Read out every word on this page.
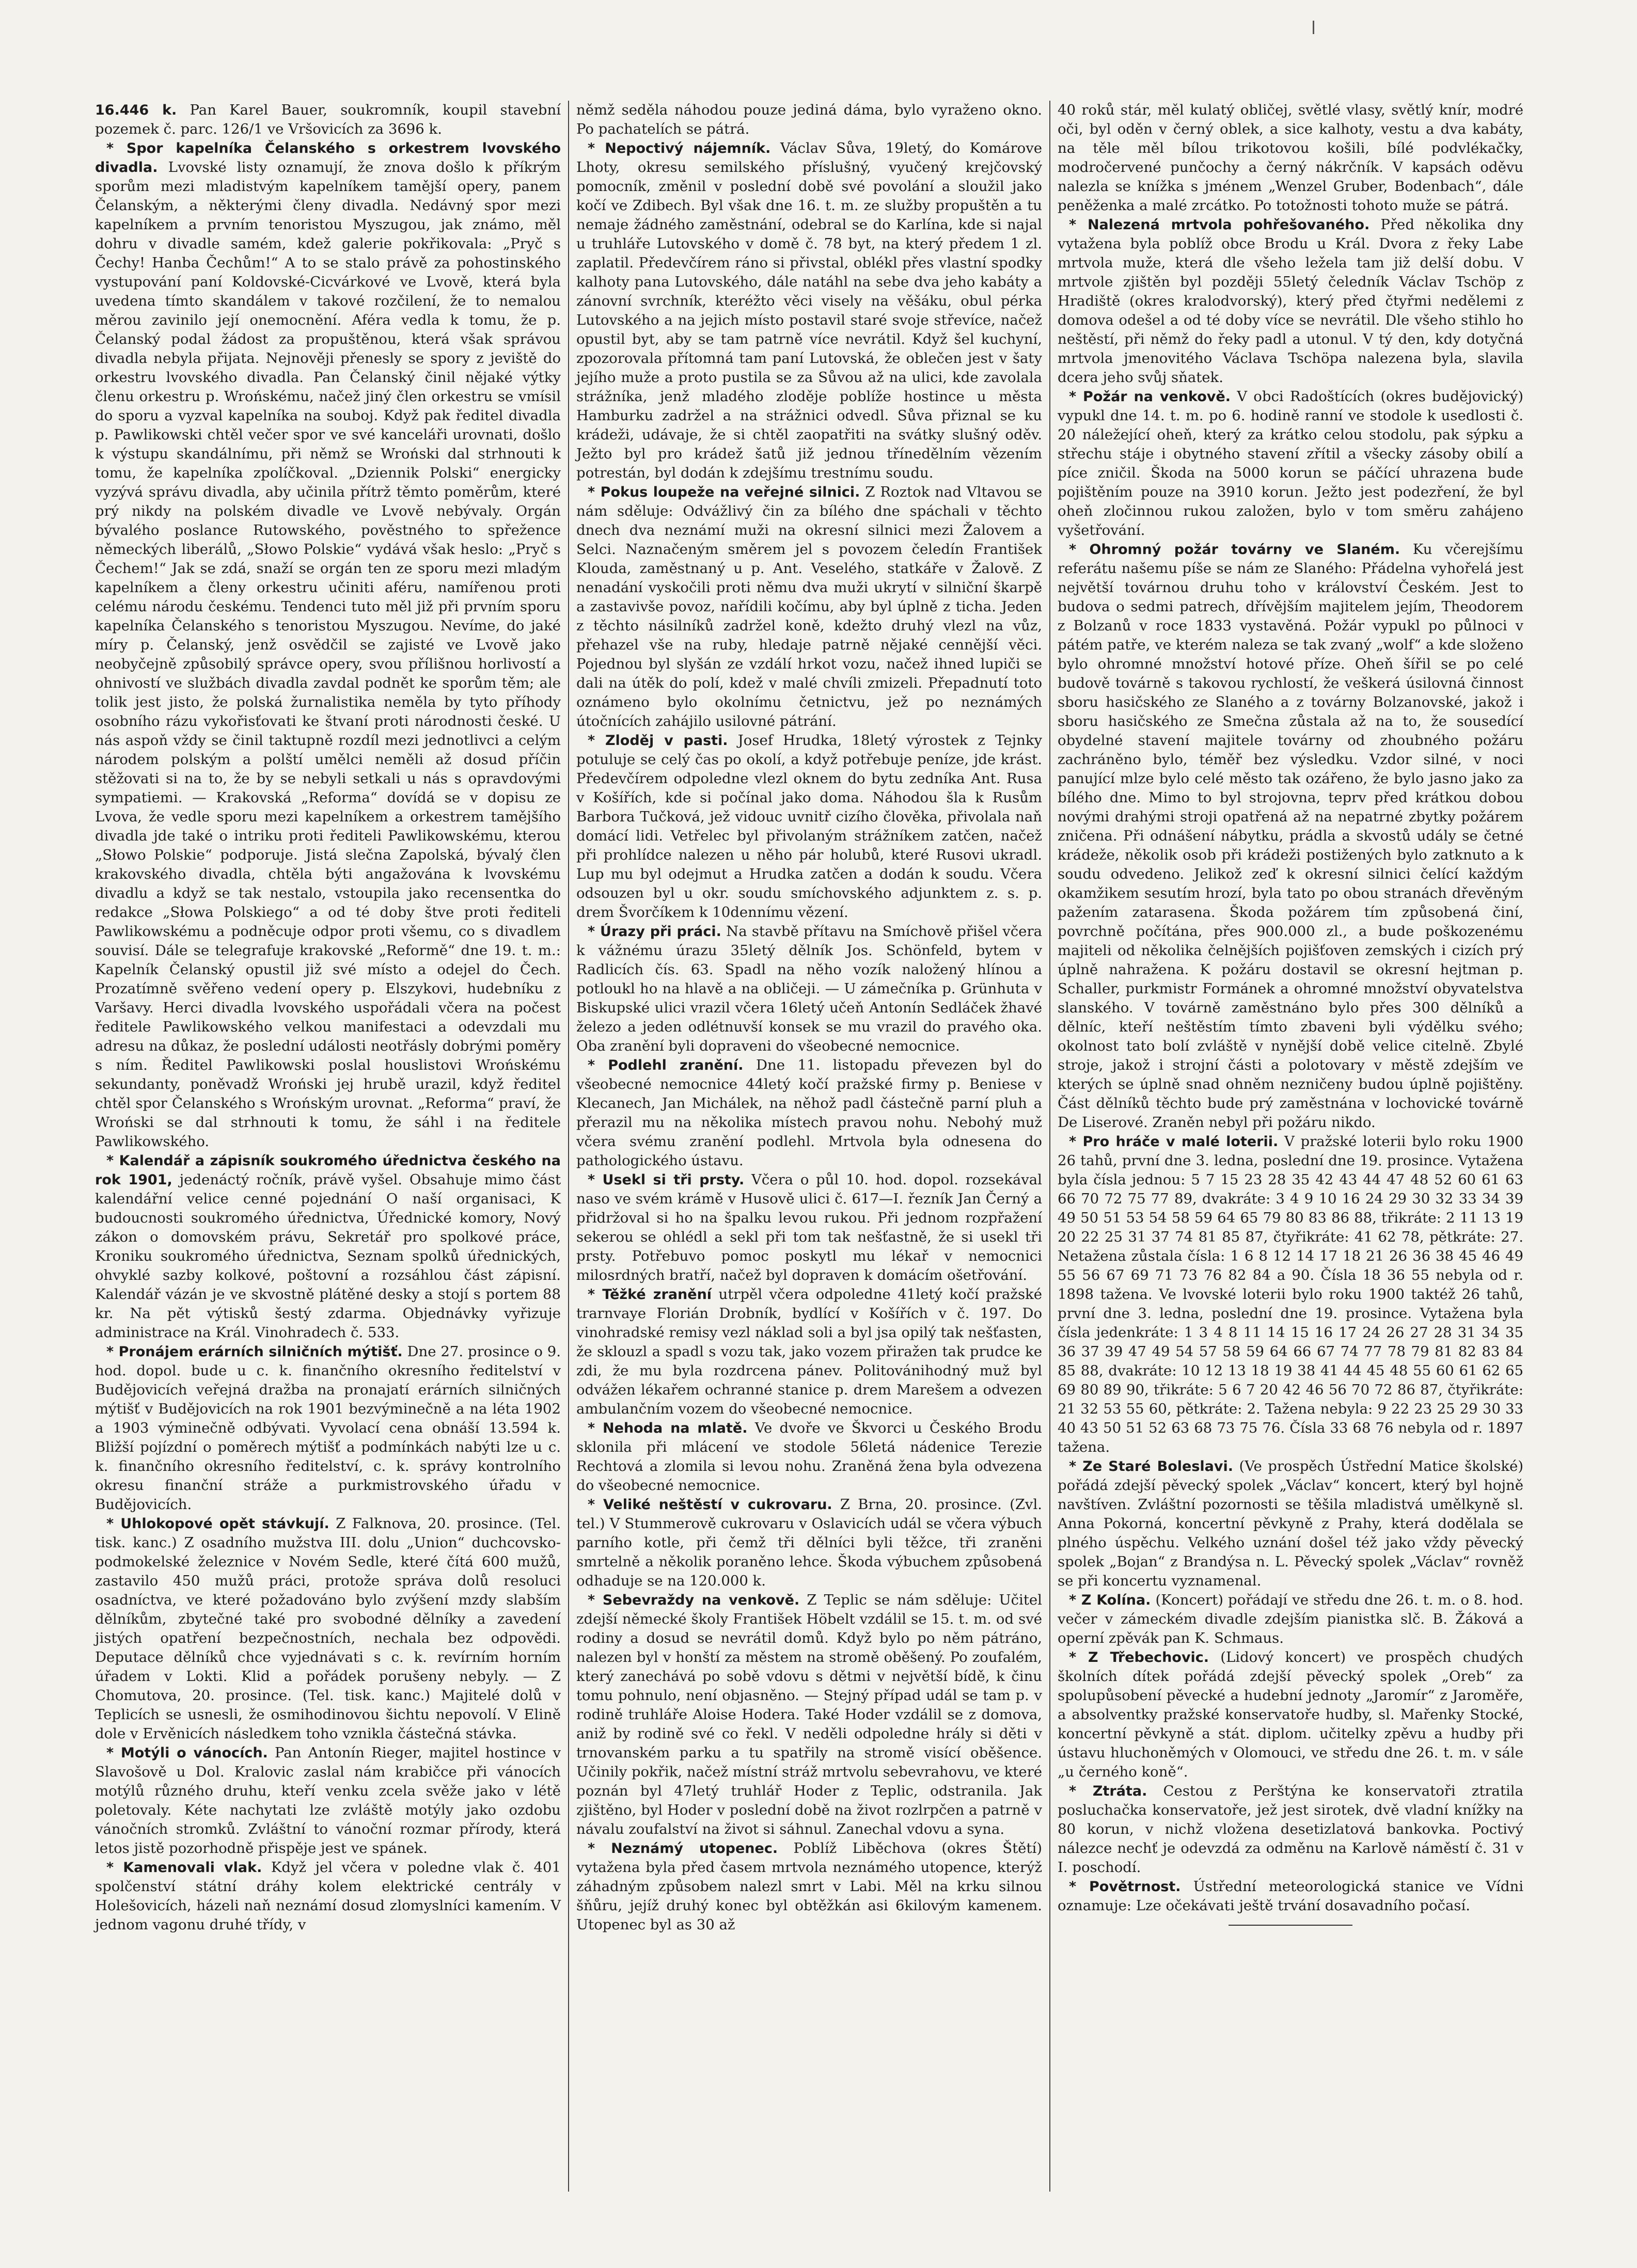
16.446 k. Pan Karel Bauer, soukromník, koupil stavební pozemek č. parc. 126/1 ve Vršovicích za 3696 k.

* Spor kapelníka Čelanského s orkestrem lvovského divadla. Lvovské listy oznamují, že znova došlo k příkrým sporům mezi mladistvým kapelníkem tamější opery, panem Čelanským, a některými členy divadla. Nedávný spor mezi kapelníkem a prvním tenoristou Myszugou, jak známo, měl dohru v divadle samém, kdež galerie pokřikovala: „Pryč s Čechy! Hanba Čechům!“ A to se stalo právě za pohostinského vystupování paní Koldovské-Cicvárkové ve Lvově, která byla uvedena tímto skandálem v takové rozčilení, že to nemalou měrou zavinilo její onemocnění. Aféra vedla k tomu, že p. Čelanský podal žádost za propuštěnou, která však správou divadla nebyla přijata. Nejnověji přenesly se spory z jeviště do orkestru lvovského divadla. Pan Čelanský činil nějaké výtky členu orkestru p. Wrońskému, načež jiný člen orkestru se vmísil do sporu a vyzval kapelníka na souboj. Když pak ředitel divadla p. Pawlikowski chtěl večer spor ve své kanceláři urovnati, došlo k výstupu skandálnímu, při němž se Wroński dal strhnouti k tomu, že kapelníka zpolíčkoval. „Dziennik Polski“ energicky vyzývá správu divadla, aby učinila přítrž těmto poměrům, které prý nikdy na polském divadle ve Lvově nebývaly. Orgán bývalého poslance Rutowského, pověstného to spřežence německých liberálů, „Słowo Polskie“ vydává však heslo: „Pryč s Čechem!“ Jak se zdá, snaží se orgán ten ze sporu mezi mladým kapelníkem a členy orkestru učiniti aféru, namířenou proti celému národu českému. Tendenci tuto měl již při prvním sporu kapelníka Čelanského s tenoristou Myszugou. Nevíme, do jaké míry p. Čelanský, jenž osvědčil se zajisté ve Lvově jako neobyčejně způsobilý správce opery, svou přílišnou horlivostí a ohnivostí ve službách divadla zavdal podnět ke sporům těm; ale tolik jest jisto, že polská žurnalistika neměla by tyto příhody osobního rázu vykořisťovati ke štvaní proti národnosti české. U nás aspoň vždy se činil taktupně rozdíl mezi jednotlivci a celým národem polským a polští umělci neměli až dosud příčin stěžovati si na to, že by se nebyli setkali u nás s opravdovými sympatiemi. — Krakovská „Reforma“ dovídá se v dopisu ze Lvova, že vedle sporu mezi kapelníkem a orkestrem tamějšího divadla jde také o intriku proti řediteli Pawlikowskému, kterou „Słowo Polskie“ podporuje. Jistá slečna Zapolská, bývalý člen krakovského divadla, chtěla býti angažována k lvovskému divadlu a když se tak nestalo, vstoupila jako recensentka do redakce „Słowa Polskiego“ a od té doby štve proti řediteli Pawlikowskému a podněcuje odpor proti všemu, co s divadlem souvisí. Dále se telegrafuje krakovské „Reformě“ dne 19. t. m.: Kapelník Čelanský opustil již své místo a odejel do Čech. Prozatímně svěřeno vedení opery p. Elszykovi, hudebníku z Varšavy. Herci divadla lvovského uspořádali včera na počest ředitele Pawlikowského velkou manifestaci a odevzdali mu adresu na důkaz, že poslední události neotřásly dobrými poměry s ním. Ředitel Pawlikowski poslal houslistovi Wrońskému sekundanty, poněvadž Wroński jej hrubě urazil, když ředitel chtěl spor Čelanského s Wrońským urovnat. „Reforma“ praví, že Wroński se dal strhnouti k tomu, že sáhl i na ředitele Pawlikowského.

* Kalendář a zápisník soukromého úřednictva českého na rok 1901, jedenáctý ročník, právě vyšel. Obsahuje mimo část kalendářní velice cenné pojednání O naší organisaci, K budoucnosti soukromého úřednictva, Úřednické komory, Nový zákon o domovském právu, Sekretář pro spolkové práce, Kroniku soukromého úřednictva, Seznam spolků úřednických, ohvyklé sazby kolkové, poštovní a rozsáhlou část zápisní. Kalendář vázán je ve skvostně plátěné desky a stojí s portem 88 kr. Na pět výtisků šestý zdarma. Objednávky vyřizuje administrace na Král. Vinohradech č. 533.

* Pronájem erárních silničních mýtišť. Dne 27. prosince o 9. hod. dopol. bude u c. k. finančního okresního ředitelství v Budějovicích veřejná dražba na pronajatí erárních silničných mýtišť v Budějovicích na rok 1901 bezvýminečně a na léta 1902 a 1903 výminečně odbývati. Vyvolací cena obnáší 13.594 k. Bližší pojízdní o poměrech mýtišť a podmínkách nabýti lze u c. k. finančního okresního ředitelství, c. k. správy kontrolního okresu finanční stráže a purkmistrovského úřadu v Budějovicích.

* Uhlokopové opět stávkují. Z Falknova, 20. prosince. (Tel. tisk. kanc.) Z osadního mužstva III. dolu „Union“ duchcovsko-podmokelské železnice v Novém Sedle, které čítá 600 mužů, zastavilo 450 mužů práci, protože správa dolů resoluci osadníctva, ve které požadováno bylo zvýšení mzdy slabším dělníkům, zbytečné také pro svobodné dělníky a zavedení jistých opatření bezpečnostních, nechala bez odpovědi. Deputace dělníků chce vyjednávati s c. k. revírním horním úřadem v Lokti. Klid a pořádek porušeny nebyly. — Z Chomutova, 20. prosince. (Tel. tisk. kanc.) Majitelé dolů v Teplicích se usnesli, že osmihodinovou šichtu nepovolí. V Elině dole v Ervěnicích následkem toho vznikla částečná stávka.

* Motýli o vánocích. Pan Antonín Rieger, majitel hostince v Slavošově u Dol. Kralovic zaslal nám krabičce při vánocích motýlů různého druhu, kteří venku zcela svěže jako v létě poletovaly. Kéte nachytati lze zvláště motýly jako ozdobu vánočních stromků. Zvláštní to vánoční rozmar přírody, která letos jistě pozorhodně přispěje jest ve spánek.

* Kamenovali vlak. Když jel včera v poledne vlak č. 401 spolčenství státní dráhy kolem elektrické centrály v Holešovicích, házeli naň neznámí dosud zlomyslníci kamením. V jednom vagonu druhé třídy, v

němž seděla náhodou pouze jediná dáma, bylo vyraženo okno. Po pachatelích se pátrá.

* Nepoctivý nájemník. Václav Sůva, 19letý, do Komárove Lhoty, okresu semilského příslušný, vyučený krejčovský pomocník, změnil v poslední době své povolání a sloužil jako kočí ve Zdibech. Byl však dne 16. t. m. ze služby propuštěn a tu nemaje žádného zaměstnání, odebral se do Karlína, kde si najal u truhláře Lutovského v domě č. 78 byt, na který předem 1 zl. zaplatil. Předevčírem ráno si přivstal, oblékl přes vlastní spodky kalhoty pana Lutovského, dále natáhl na sebe dva jeho kabáty a zánovní svrchník, kteréžto věci visely na věšáku, obul pérka Lutovského a na jejich místo postavil staré svoje střevíce, načež opustil byt, aby se tam patrně více nevrátil. Když šel kuchyní, zpozorovala přítomná tam paní Lutovská, že oblečen jest v šaty jejího muže a proto pustila se za Sůvou až na ulici, kde zavolala strážníka, jenž mladého zloděje poblíže hostince u města Hamburku zadržel a na strážnici odvedl. Sůva přiznal se ku krádeži, udávaje, že si chtěl zaopatřiti na svátky slušný oděv. Ježto byl pro krádež šatů již jednou třínedělním vězením potrestán, byl dodán k zdejšímu trestnímu soudu.

* Pokus loupeže na veřejné silnici. Z Roztok nad Vltavou se nám sděluje: Odvážlivý čin za bílého dne spáchali v těchto dnech dva neznámí muži na okresní silnici mezi Žalovem a Selci. Naznačeným směrem jel s povozem čeledín František Klouda, zaměstnaný u p. Ant. Veselého, statkáře v Žalově. Z nenadání vyskočili proti němu dva muži ukrytí v silniční škarpě a zastavivše povoz, nařídili kočímu, aby byl úplně z ticha. Jeden z těchto násilníků zadržel koně, kdežto druhý vlezl na vůz, přehazel vše na ruby, hledaje patrně nějaké cennější věci. Pojednou byl slyšán ze vzdálí hrkot vozu, načež ihned lupiči se dali na útěk do polí, kdež v malé chvíli zmizeli. Přepadnutí toto oznámeno bylo okolnímu četnictvu, jež po neznámých útočnících zahájilo usilovné pátrání.

* Zloděj v pasti. Josef Hrudka, 18letý výrostek z Tejnky potuluje se celý čas po okolí, a když potřebuje peníze, jde krást. Předevčírem odpoledne vlezl oknem do bytu zedníka Ant. Rusa v Košířích, kde si počínal jako doma. Náhodou šla k Rusům Barbora Tučková, jež vidouc uvnitř cizího člověka, přivolala naň domácí lidi. Vetřelec byl přivolaným strážníkem zatčen, načež při prohlídce nalezen u něho pár holubů, které Rusovi ukradl. Lup mu byl odejmut a Hrudka zatčen a dodán k soudu. Včera odsouzen byl u okr. soudu smíchovského adjunktem z. s. p. drem Švorčíkem k 10dennímu vězení.

* Úrazy při práci. Na stavbě přítavu na Smíchově přišel včera k vážnému úrazu 35letý dělník Jos. Schönfeld, bytem v Radlicích čís. 63. Spadl na něho vozík naložený hlínou a potloukl ho na hlavě a na obličeji. — U zámečníka p. Grünhuta v Biskupské ulici vrazil včera 16letý učeň Antonín Sedláček žhavé železo a jeden odlétnuvší konsek se mu vrazil do pravého oka. Oba zranění byli dopraveni do všeobecné nemocnice.

* Podlehl zranění. Dne 11. listopadu převezen byl do všeobecné nemocnice 44letý kočí pražské firmy p. Beniese v Klecanech, Jan Michálek, na něhož padl částečně parní pluh a přerazil mu na několika místech pravou nohu. Nebohý muž včera svému zranění podlehl. Mrtvola byla odnesena do pathologického ústavu.

* Usekl si tři prsty. Včera o půl 10. hod. dopol. rozsekával naso ve svém krámě v Husově ulici č. 617—I. řezník Jan Černý a přidržoval si ho na špalku levou rukou. Při jednom rozpřažení sekerou se ohlédl a sekl při tom tak nešťastně, že si usekl tři prsty. Potřebuvo pomoc poskytl mu lékař v nemocnici milosrdných bratří, načež byl dopraven k domácím ošetřování.

* Těžké zranění utrpěl včera odpoledne 41letý kočí pražské trarnvaye Florián Drobník, bydlící v Košířích v č. 197. Do vinohradské remisy vezl náklad soli a byl jsa opilý tak nešťasten, že sklouzl a spadl s vozu tak, jako vozem přiražen tak prudce ke zdi, že mu byla rozdrcena pánev. Politovánihodný muž byl odvážen lékařem ochranné stanice p. drem Marešem a odvezen ambulančním vozem do všeobecné nemocnice.

* Nehoda na mlatě. Ve dvoře ve Škvorci u Českého Brodu sklonila při mlácení ve stodole 56letá nádenice Terezie Rechtová a zlomila si levou nohu. Zraněná žena byla odvezena do všeobecné nemocnice.

* Veliké neštěstí v cukrovaru. Z Brna, 20. prosince. (Zvl. tel.) V Stummerově cukrovaru v Oslavicích udál se včera výbuch parního kotle, při čemž tři dělníci byli těžce, tři zraněni smrtelně a několik poraněno lehce. Škoda výbuchem způsobená odhaduje se na 120.000 k.

* Sebevraždy na venkově. Z Teplic se nám sděluje: Učitel zdejší německé školy František Höbelt vzdálil se 15. t. m. od své rodiny a dosud se nevrátil domů. Když bylo po něm pátráno, nalezen byl v honští za městem na stromě oběšený. Po zoufalém, který zanechává po sobě vdovu s dětmi v největší bídě, k činu tomu pohnulo, není objasněno. — Stejný případ udál se tam p. v rodině truhláře Aloise Hodera. Také Hoder vzdálil se z domova, aniž by rodině své co řekl. V neděli odpoledne hrály si děti v trnovanském parku a tu spatřily na stromě visící oběšence. Učinily pokřik, načež místní stráž mrtvolu sebevrahovu, ve které poznán byl 47letý truhlář Hoder z Teplic, odstranila. Jak zjištěno, byl Hoder v poslední době na život rozlrpčen a patrně v návalu zoufalství na život si sáhnul. Zanechal vdovu a syna.

* Neznámý utopenec. Poblíž Liběchova (okres Štětí) vytažena byla před časem mrtvola neznámého utopence, kterýž záhadným způsobem nalezl smrt v Labi. Měl na krku silnou šňůru, jejíž druhý konec byl obtěžkán asi 6kilovým kamenem. Utopenec byl as 30 až

40 roků stár, měl kulatý obličej, světlé vlasy, světlý knír, modré oči, byl oděn v černý oblek, a sice kalhoty, vestu a dva kabáty, na těle měl bílou trikotovou košili, bílé podvlékačky, modročervené punčochy a černý nákrčník. V kapsách oděvu nalezla se knížka s jménem „Wenzel Gruber, Bodenbach“, dále peněženka a malé zrcátko. Po totožnosti tohoto muže se pátrá.

* Nalezená mrtvola pohřešovaného. Před několika dny vytažena byla poblíž obce Brodu u Král. Dvora z řeky Labe mrtvola muže, která dle všeho ležela tam již delší dobu. V mrtvole zjištěn byl později 55letý čeledník Václav Tschöp z Hradiště (okres kralodvorský), který před čtyřmi nedělemi z domova odešel a od té doby více se nevrátil. Dle všeho stihlo ho neštěstí, při němž do řeky padl a utonul. V tý den, kdy dotyčná mrtvola jmenovitého Václava Tschöpa nalezena byla, slavila dcera jeho svůj sňatek.

* Požár na venkově. V obci Radoštících (okres budějovický) vypukl dne 14. t. m. po 6. hodině ranní ve stodole k usedlosti č. 20 náležející oheň, který za krátko celou stodolu, pak sýpku a střechu stáje i obytného stavení zřítil a všecky zásoby obilí a píce zničil. Škoda na 5000 korun se páčící uhrazena bude pojištěním pouze na 3910 korun. Ježto jest podezření, že byl oheň zločinnou rukou založen, bylo v tom směru zahájeno vyšetřování.

* Ohromný požár továrny ve Slaném. Ku včerejšímu referátu našemu píše se nám ze Slaného: Přádelna vyhořelá jest největší továrnou druhu toho v království Českém. Jest to budova o sedmi patrech, dřívějším majitelem jejím, Theodorem z Bolzanů v roce 1833 vystavěná. Požár vypukl po půlnoci v pátém patře, ve kterém naleza se tak zvaný „wolf“ a kde složeno bylo ohromné množství hotové příze. Oheň šířil se po celé budově továrně s takovou rychlostí, že veškerá úsilovná činnost sboru hasičského ze Slaného a z továrny Bolzanovské, jakož i sboru hasičského ze Smečna zůstala až na to, že sousedící obydelné stavení majitele továrny od zhoubného požáru zachráněno bylo, téměř bez výsledku. Vzdor silné, v noci panující mlze bylo celé město tak ozářeno, že bylo jasno jako za bílého dne. Mimo to byl strojovna, teprv před krátkou dobou novými drahými stroji opatřená až na nepatrné zbytky požárem zničena. Při odnášení nábytku, prádla a skvostů udály se četné krádeže, několik osob při krádeži postižených bylo zatknuto a k soudu odvedeno. Jelikož zeď k okresní silnici čelící každým okamžikem sesutím hrozí, byla tato po obou stranách dřevěným pažením zatarasena. Škoda požárem tím způsobená činí, povrchně počítána, přes 900.000 zl., a bude poškozenému majiteli od několika čelnějších pojišťoven zemských i cizích prý úplně nahražena. K požáru dostavil se okresní hejtman p. Schaller, purkmistr Formánek a ohromné množství obyvatelstva slanského. V továrně zaměstnáno bylo přes 300 dělníků a dělníc, kteří neštěstím tímto zbaveni byli výdělku svého; okolnost tato bolí zvláště v nynější době velice citelně. Zbylé stroje, jakož i strojní části a polotovary v městě zdejším ve kterých se úplně snad ohněm nezničeny budou úplně pojištěny. Část dělníků těchto bude prý zaměstnána v lochovické továrně De Liserové. Zraněn nebyl při požáru nikdo.

* Pro hráče v malé loterii. V pražské loterii bylo roku 1900 26 tahů, první dne 3. ledna, poslední dne 19. prosince. Vytažena byla čísla jednou: 5 7 15 23 28 35 42 43 44 47 48 52 60 61 63 66 70 72 75 77 89, dvakráte: 3 4 9 10 16 24 29 30 32 33 34 39 49 50 51 53 54 58 59 64 65 79 80 83 86 88, třikráte: 2 11 13 19 20 22 25 31 37 74 81 85 87, čtyřikráte: 41 62 78, pětkráte: 27. Netažena zůstala čísla: 1 6 8 12 14 17 18 21 26 36 38 45 46 49 55 56 67 69 71 73 76 82 84 a 90. Čísla 18 36 55 nebyla od r. 1898 tažena. Ve lvovské loterii bylo roku 1900 taktéž 26 tahů, první dne 3. ledna, poslední dne 19. prosince. Vytažena byla čísla jedenkráte: 1 3 4 8 11 14 15 16 17 24 26 27 28 31 34 35 36 37 39 47 49 54 57 58 59 64 66 67 74 77 78 79 81 82 83 84 85 88, dvakráte: 10 12 13 18 19 38 41 44 45 48 55 60 61 62 65 69 80 89 90, třikráte: 5 6 7 20 42 46 56 70 72 86 87, čtyřikráte: 21 32 53 55 60, pětkráte: 2. Tažena nebyla: 9 22 23 25 29 30 33 40 43 50 51 52 63 68 73 75 76. Čísla 33 68 76 nebyla od r. 1897 tažena.

* Ze Staré Boleslavi. (Ve prospěch Ústřední Matice školské) pořádá zdejší pěvecký spolek „Václav“ koncert, který byl hojně navštíven. Zvláštní pozornosti se těšila mladistvá umělkyně sl. Anna Pokorná, koncertní pěvkyně z Prahy, která dodělala se plného úspěchu. Velkého uznání došel též jako vždy pěvecký spolek „Bojan“ z Brandýsa n. L. Pěvecký spolek „Václav“ rovněž se při koncertu vyznamenal.

* Z Kolína. (Koncert) pořádají ve středu dne 26. t. m. o 8. hod. večer v zámeckém divadle zdejším pianistka slč. B. Žáková a operní zpěvák pan K. Schmaus.

* Z Třebechovic. (Lidový koncert) ve prospěch chudých školních dítek pořádá zdejší pěvecký spolek „Oreb“ za spolupůsobení pěvecké a hudební jednoty „Jaromír“ z Jaroměře, a absolventky pražské konservatoře hudby, sl. Mařenky Stocké, koncertní pěvkyně a stát. diplom. učitelky zpěvu a hudby při ústavu hluchoněmých v Olomouci, ve středu dne 26. t. m. v sále „u černého koně“.

* Ztráta. Cestou z Perštýna ke konservatoři ztratila posluchačka konservatoře, jež jest sirotek, dvě vladní knížky na 80 korun, v nichž vložena desetizlatová bankovka. Poctivý nálezce nechť je odevzdá za odměnu na Karlově náměstí č. 31 v I. poschodí.

* Povětrnost. Ústřední meteorologická stanice ve Vídni oznamuje: Lze očekávati ještě trvání dosavadního počasí.
